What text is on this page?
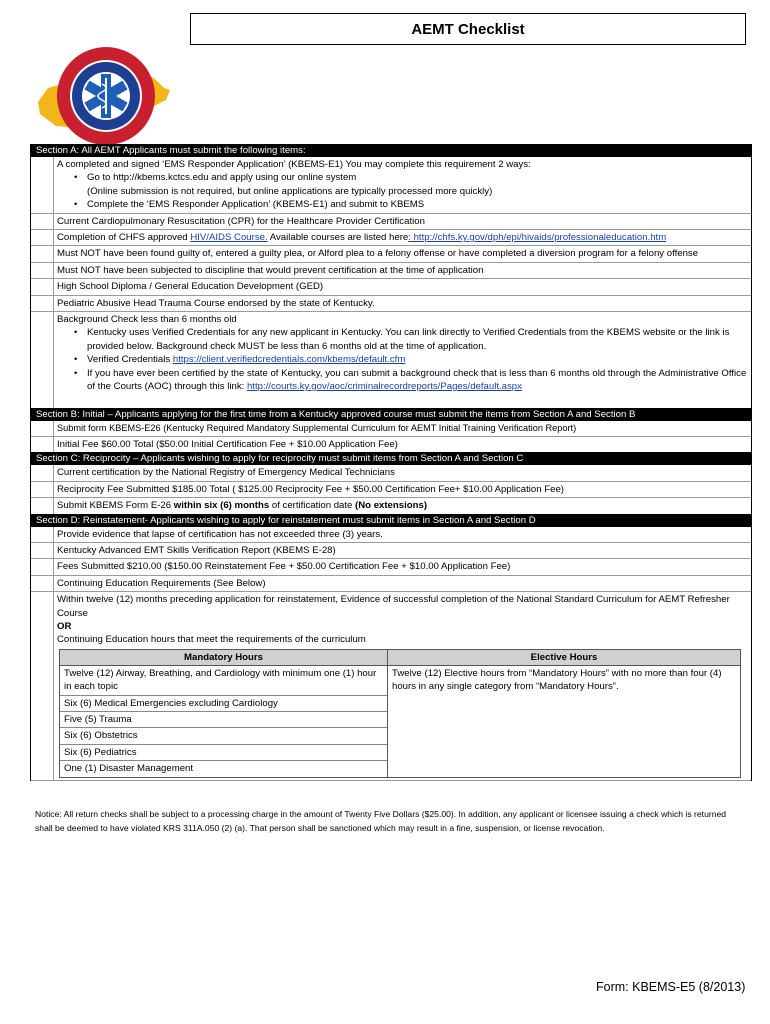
AEMT Checklist
Section A: All AEMT Applicants must submit the following items:
A completed and signed ‘EMS Responder Application’ (KBEMS-E1) You may complete this requirement 2 ways:
• Go to http://kbems.kctcs.edu and apply using our online system
(Online submission is not required, but online applications are typically processed more quickly)
• Complete the ‘EMS Responder Application’ (KBEMS-E1) and submit to KBEMS
Current Cardiopulmonary Resuscitation (CPR) for the Healthcare Provider Certification
Completion of CHFS approved HIV/AIDS Course. Available courses are listed here: http://chfs.ky.gov/dph/epi/hivaids/professionaleducation.htm
Must NOT have been found guilty of, entered a guilty plea, or Alford plea to a felony offense or have completed a diversion program for a felony offense
Must NOT have been subjected to discipline that would prevent certification at the time of application
High School Diploma / General Education Development (GED)
Pediatric Abusive Head Trauma Course endorsed by the state of Kentucky.
Background Check less than 6 months old
• Kentucky uses Verified Credentials for any new applicant in Kentucky. You can link directly to Verified Credentials from the KBEMS website or the link is provided below. Background check MUST be less than 6 months old at the time of application.
• Verified Credentials https://client.verifiedcredentials.com/kbems/default.cfm
• If you have ever been certified by the state of Kentucky, you can submit a background check that is less than 6 months old through the Administrative Office of the Courts (AOC) through this link: http://courts.ky.gov/aoc/criminalrecordreports/Pages/default.aspx
Section B: Initial – Applicants applying for the first time from a Kentucky approved course must submit the items from Section A and Section B
Submit form KBEMS-E26 (Kentucky Required Mandatory Supplemental Curriculum for AEMT Initial Training Verification Report)
Initial Fee $60.00 Total ($50.00 Initial Certification Fee + $10.00 Application Fee)
Section C: Reciprocity – Applicants wishing to apply for reciprocity must submit items from Section A and Section C
Current certification by the National Registry of Emergency Medical Technicians
Reciprocity Fee Submitted $185.00 Total ( $125.00 Reciprocity Fee + $50.00 Certification Fee+ $10.00 Application Fee)
Submit KBEMS Form E-26 within six (6) months of certification date (No extensions)
Section D: Reinstatement- Applicants wishing to apply for reinstatement must submit items in Section A and Section D
Provide evidence that lapse of certification has not exceeded three (3) years.
Kentucky Advanced EMT Skills Verification Report (KBEMS E-28)
Fees Submitted $210.00 ($150.00 Reinstatement Fee + $50.00 Certification Fee + $10.00 Application Fee)
Continuing Education Requirements (See Below)
Within twelve (12) months preceding application for reinstatement, Evidence of successful completion of the National Standard Curriculum for AEMT Refresher Course
OR
Continuing Education hours that meet the requirements of the curriculum
Mandatory Hours	Elective Hours
Twelve (12) Airway, Breathing, and Cardiology with minimum one (1) hour in each topic
Six (6) Medical Emergencies excluding Cardiology
Five (5) Trauma
Six (6) Obstetrics
Six (6) Pediatrics
One (1) Disaster Management
Twelve (12) Elective hours from “Mandatory Hours” with no more than four (4) hours in any single category from “Mandatory Hours”.
Notice: All return checks shall be subject to a processing charge in the amount of Twenty Five Dollars ($25.00). In addition, any applicant or licensee issuing a check which is returned shall be deemed to have violated KRS 311A.050 (2) (a). That person shall be sanctioned which may result in a fine, suspension, or license revocation.
Form: KBEMS-E5 (8/2013)
